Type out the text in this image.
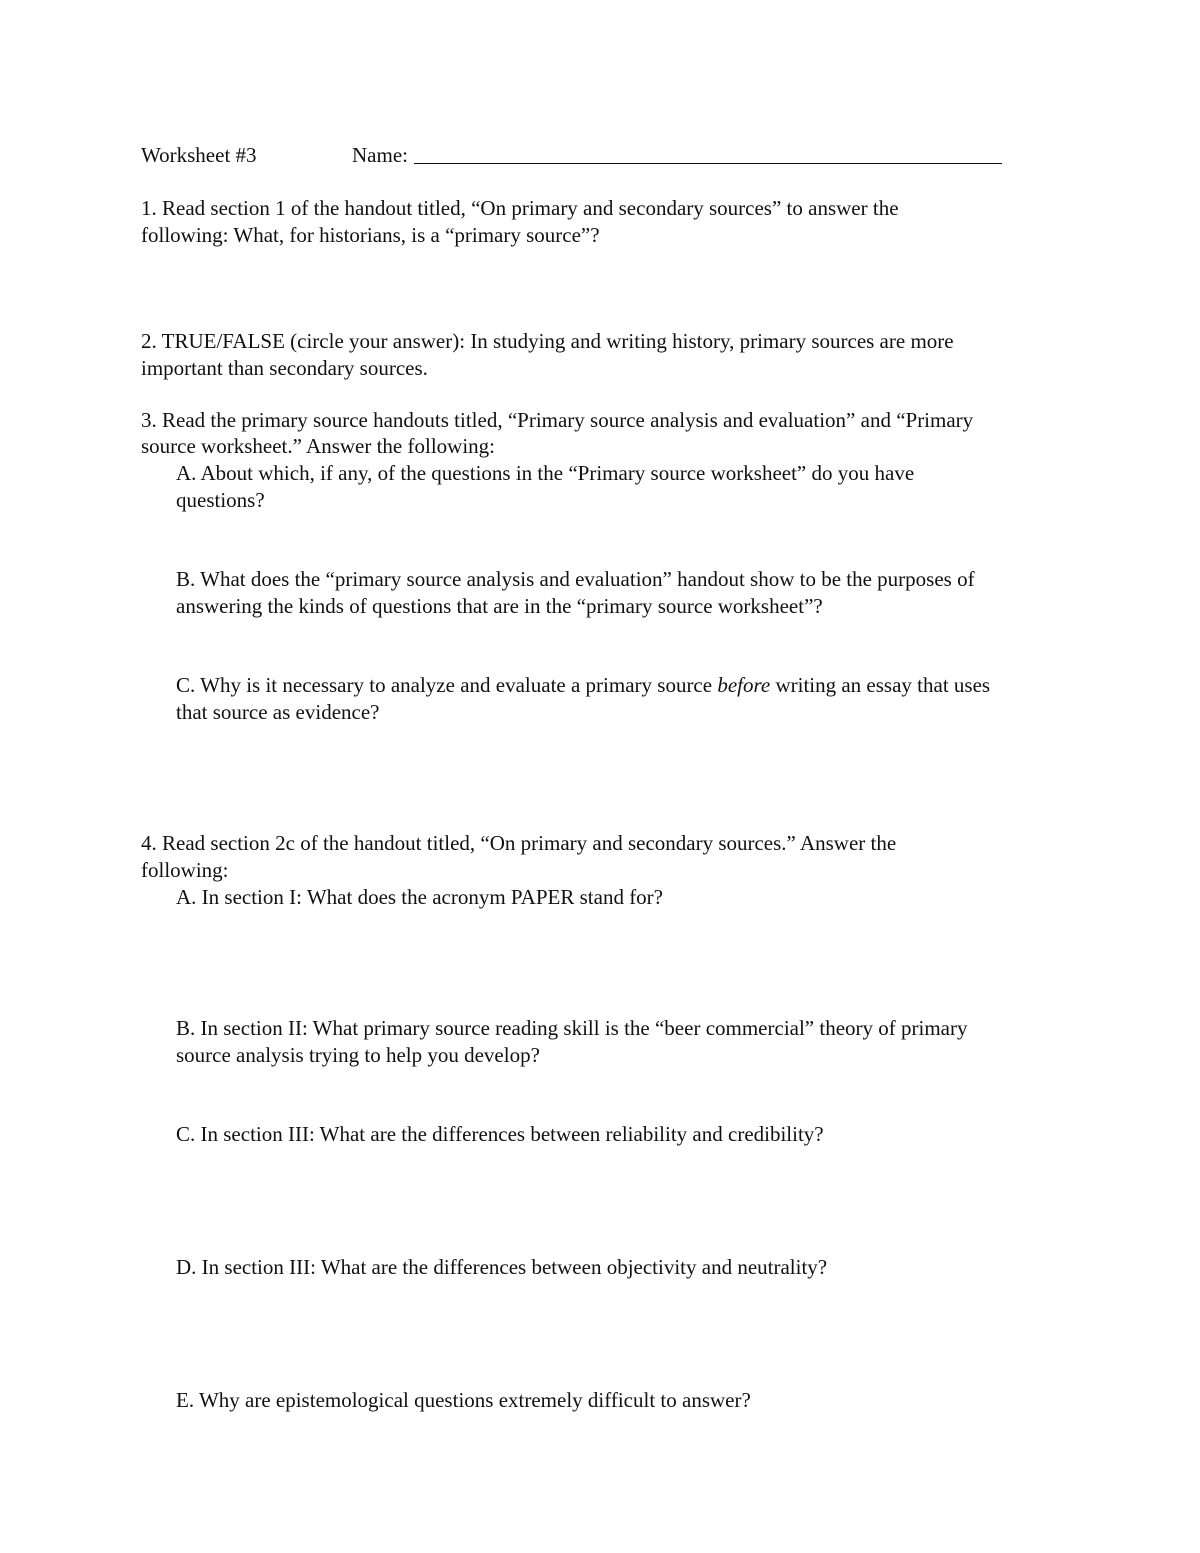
Worksheet #3	Name:
1. Read section 1 of the handout titled, “On primary and secondary sources” to answer the
following: What, for historians, is a “primary source”?
2. TRUE/FALSE (circle your answer): In studying and writing history, primary sources are more
important than secondary sources.
3. Read the primary source handouts titled, “Primary source analysis and evaluation” and “Primary
source worksheet.” Answer the following:
A. About which, if any, of the questions in the “Primary source worksheet” do you have
questions?
B. What does the “primary source analysis and evaluation” handout show to be the purposes of
answering the kinds of questions that are in the “primary source worksheet”?
C. Why is it necessary to analyze and evaluate a primary source before writing an essay that uses
that source as evidence?
4. Read section 2c of the handout titled, “On primary and secondary sources.” Answer the
following:
A. In section I: What does the acronym PAPER stand for?
B. In section II: What primary source reading skill is the “beer commercial” theory of primary
source analysis trying to help you develop?
C. In section III: What are the differences between reliability and credibility?
D. In section III: What are the differences between objectivity and neutrality?
E. Why are epistemological questions extremely difficult to answer?
